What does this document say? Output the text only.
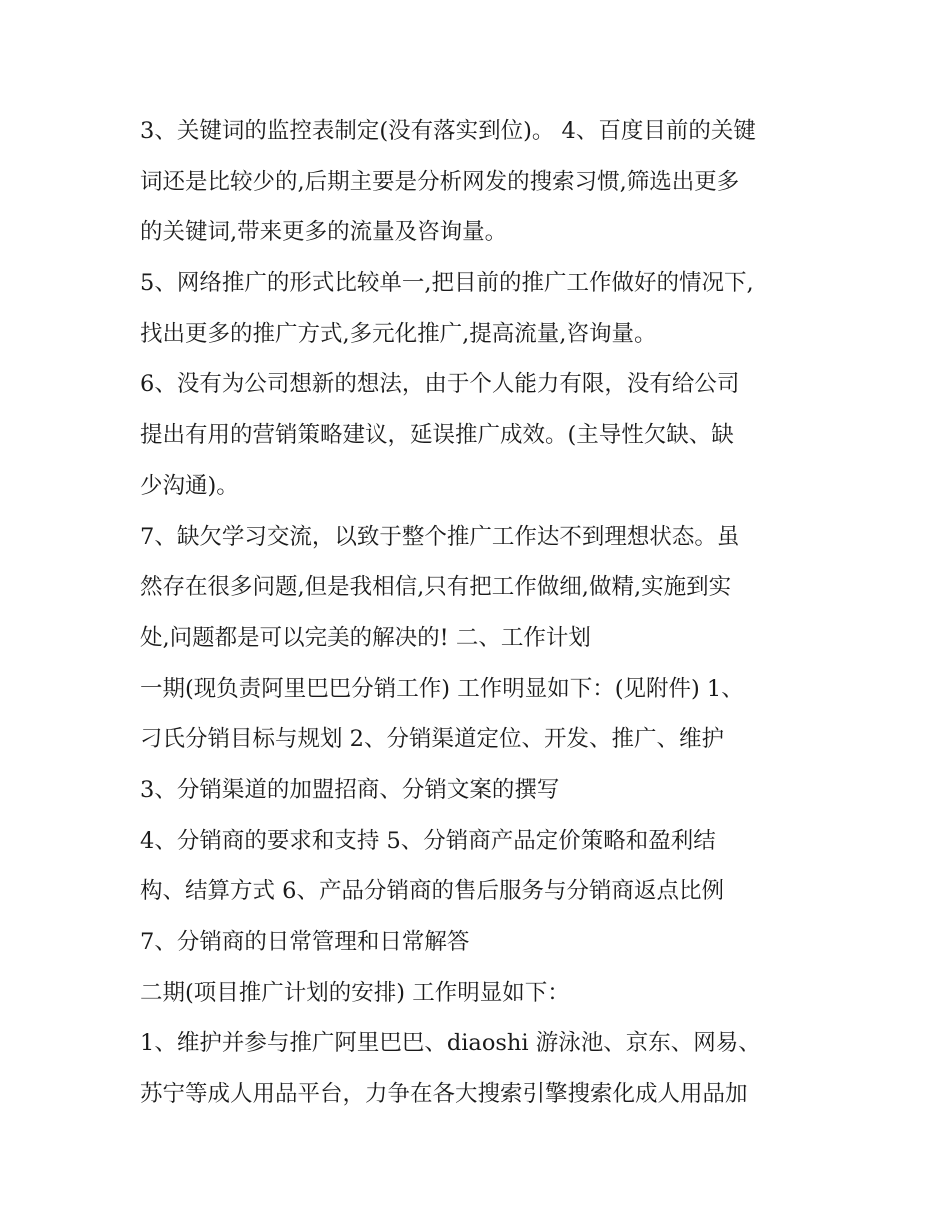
3、关键词的监控表制定(没有落实到位)。 4、百度目前的关键
词还是比较少的,后期主要是分析网发的搜索习惯,筛选出更多
的关键词,带来更多的流量及咨询量。
5、网络推广的形式比较单一,把目前的推广工作做好的情况下,
找出更多的推广方式,多元化推广,提高流量,咨询量。
6、没有为公司想新的想法，由于个人能力有限，没有给公司
提出有用的营销策略建议，延误推广成效。(主导性欠缺、缺
少沟通)。
7、缺欠学习交流，以致于整个推广工作达不到理想状态。虽
然存在很多问题,但是我相信,只有把工作做细,做精,实施到实
处,问题都是可以完美的解决的! 二、工作计划
一期(现负责阿里巴巴分销工作) 工作明显如下：(见附件) 1、
刁氏分销目标与规划 2、分销渠道定位、开发、推广、维护
3、分销渠道的加盟招商、分销文案的撰写
4、分销商的要求和支持 5、分销商产品定价策略和盈利结
构、结算方式 6、产品分销商的售后服务与分销商返点比例
7、分销商的日常管理和日常解答
二期(项目推广计划的安排) 工作明显如下：
1、维护并参与推广阿里巴巴、diaoshi 游泳池、京东、网易、
苏宁等成人用品平台，力争在各大搜索引擎搜索化成人用品加
